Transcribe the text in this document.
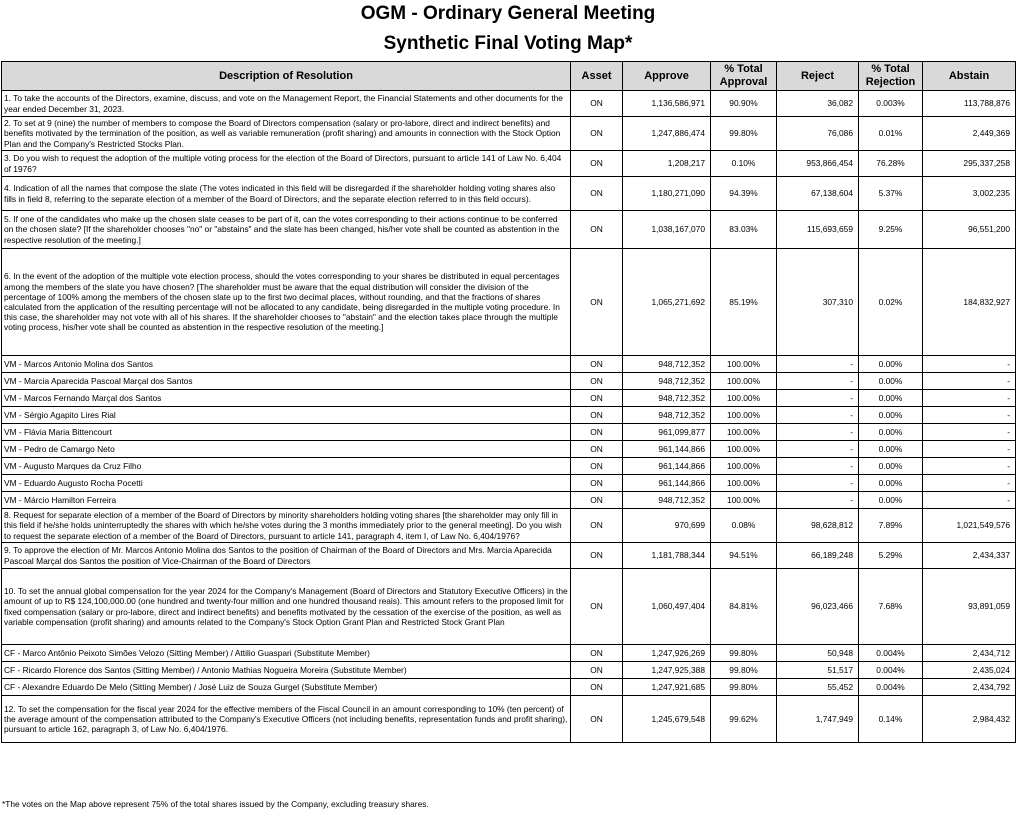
OGM - Ordinary General Meeting
Synthetic Final Voting Map*
Description of Resolution	Asset	Approve	% Total Approval	Reject	% Total Rejection	Abstain
1. To take the accounts of the Directors, examine, discuss, and vote on the Management Report, the Financial Statements and other documents for the year ended December 31, 2023.	ON	1,136,586,971	90.90%	36,082	0.003%	113,788,876
2. To set at 9 (nine) the number of members to compose the Board of Directors compensation (salary or pro-labore, direct and indirect benefits) and benefits motivated by the termination of the position, as well as variable remuneration (profit sharing) and amounts in connection with the Stock Option Plan and the Company's Restricted Stocks Plan.	ON	1,247,886,474	99.80%	76,086	0.01%	2,449,369
3. Do you wish to request the adoption of the multiple voting process for the election of the Board of Directors, pursuant to article 141 of Law No. 6,404 of 1976?	ON	1,208,217	0.10%	953,866,454	76.28%	295,337,258
4. Indication of all the names that compose the slate (The votes indicated in this field will be disregarded if the shareholder holding voting shares also fills in field 8, referring to the separate election of a member of the Board of Directors, and the separate election referred to in this field occurs).	ON	1,180,271,090	94.39%	67,138,604	5.37%	3,002,235
5. If one of the candidates who make up the chosen slate ceases to be part of it, can the votes corresponding to their actions continue to be conferred on the chosen slate? [If the shareholder chooses "no" or "abstains" and the slate has been changed, his/her vote shall be counted as abstention in the respective resolution of the meeting.]	ON	1,038,167,070	83.03%	115,693,659	9.25%	96,551,200
6. In the event of the adoption of the multiple vote election process, should the votes corresponding to your shares be distributed in equal percentages among the members of the slate you have chosen? [The shareholder must be aware that the equal distribution will consider the division of the percentage of 100% among the members of the chosen slate up to the first two decimal places, without rounding, and that the fractions of shares calculated from the application of the resulting percentage will not be allocated to any candidate, being disregarded in the multiple voting procedure. In this case, the shareholder may not vote with all of his shares. If the shareholder chooses to "abstain" and the election takes place through the multiple voting process, his/her vote shall be counted as abstention in the respective resolution of the meeting.]	ON	1,065,271,692	85.19%	307,310	0.02%	184,832,927
VM - Marcos Antonio Molina dos Santos	ON	948,712,352	100.00%	-	0.00%	-
VM - Marcia Aparecida Pascoal Marçal dos Santos	ON	948,712,352	100.00%	-	0.00%	-
VM - Marcos Fernando Marçal dos Santos	ON	948,712,352	100.00%	-	0.00%	-
VM - Sérgio Agapito Lires Rial	ON	948,712,352	100.00%	-	0.00%	-
VM - Flávia Maria Bittencourt	ON	961,099,877	100.00%	-	0.00%	-
VM - Pedro de Camargo Neto	ON	961,144,866	100.00%	-	0.00%	-
VM - Augusto Marques da Cruz Filho	ON	961,144,866	100.00%	-	0.00%	-
VM - Eduardo Augusto Rocha Pocetti	ON	961,144,866	100.00%	-	0.00%	-
VM - Márcio Hamilton Ferreira	ON	948,712,352	100.00%	-	0.00%	-
8. Request for separate election of a member of the Board of Directors by minority shareholders holding voting shares [the shareholder may only fill in this field if he/she holds uninterruptedly the shares with which he/she votes during the 3 months immediately prior to the general meeting]. Do you wish to request the separate election of a member of the Board of Directors, pursuant to article 141, paragraph 4, item I, of Law No. 6,404/1976?	ON	970,699	0.08%	98,628,812	7.89%	1,021,549,576
9. To approve the election of Mr. Marcos Antonio Molina dos Santos to the position of Chairman of the Board of Directors and Mrs. Marcia Aparecida Pascoal Marçal dos Santos the position of Vice-Chairman of the Board of Directors	ON	1,181,788,344	94.51%	66,189,248	5.29%	2,434,337
10. To set the annual global compensation for the year 2024 for the Company's Management (Board of Directors and Statutory Executive Officers) in the amount of up to R$ 124,100,000.00 (one hundred and twenty-four million and one hundred thousand reais). This amount refers to the proposed limit for fixed compensation (salary or pro-labore, direct and indirect benefits) and benefits motivated by the cessation of the exercise of the position, as well as variable compensation (profit sharing) and amounts related to the Company's Stock Option Grant Plan and Restricted Stock Grant Plan	ON	1,060,497,404	84.81%	96,023,466	7.68%	93,891,059
CF - Marco Antônio Peixoto Simões Velozo (Sitting Member) / Attilio Guaspari (Substitute Member)	ON	1,247,926,269	99.80%	50,948	0.004%	2,434,712
CF - Ricardo Florence dos Santos (Sitting Member) / Antonio Mathias Nogueira Moreira (Substitute Member)	ON	1,247,925,388	99.80%	51,517	0.004%	2,435,024
CF - Alexandre Eduardo De Melo (Sitting Member) / José Luiz de Souza Gurgel (Substitute Member)	ON	1,247,921,685	99.80%	55,452	0.004%	2,434,792
12. To set the compensation for the fiscal year 2024 for the effective members of the Fiscal Council in an amount corresponding to 10% (ten percent) of the average amount of the compensation attributed to the Company's Executive Officers (not including benefits, representation funds and profit sharing), pursuant to article 162, paragraph 3, of Law No. 6,404/1976.	ON	1,245,679,548	99.62%	1,747,949	0.14%	2,984,432
*The votes on the Map above represent 75% of the total shares issued by the Company, excluding treasury shares.
